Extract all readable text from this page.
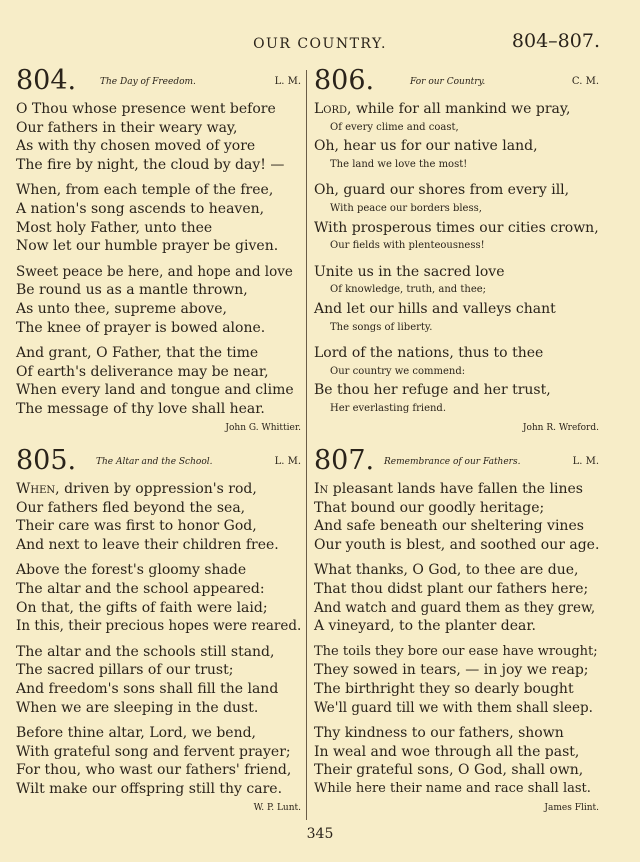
OUR COUNTRY.	804–807.
804.	The Day of Freedom.	L. M.
O Thou whose presence went before
Our fathers in their weary way,
As with thy chosen moved of yore
The fire by night, the cloud by day! —
When, from each temple of the free,
A nation's song ascends to heaven,
Most holy Father, unto thee
Now let our humble prayer be given.
Sweet peace be here, and hope and love
Be round us as a mantle thrown,
As unto thee, supreme above,
The knee of prayer is bowed alone.
And grant, O Father, that the time
Of earth's deliverance may be near,
When every land and tongue and clime
The message of thy love shall hear.
John G. Whittier.
805. The Altar and the School.	L. M.
When, driven by oppression's rod,
Our fathers fled beyond the sea,
Their care was first to honor God,
And next to leave their children free.
Above the forest's gloomy shade
The altar and the school appeared:
On that, the gifts of faith were laid;
In this, their precious hopes were reared.
The altar and the schools still stand,
The sacred pillars of our trust;
And freedom's sons shall fill the land
When we are sleeping in the dust.
Before thine altar, Lord, we bend,
With grateful song and fervent prayer;
For thou, who wast our fathers' friend,
Wilt make our offspring still thy care.
W. P. Lunt.
806.	For our Country.	C. M.
Lord, while for all mankind we pray,
Of every clime and coast,
Oh, hear us for our native land,
The land we love the most!
Oh, guard our shores from every ill,
With peace our borders bless,
With prosperous times our cities crown,
Our fields with plenteousness!
Unite us in the sacred love
Of knowledge, truth, and thee;
And let our hills and valleys chant
The songs of liberty.
Lord of the nations, thus to thee
Our country we commend:
Be thou her refuge and her trust,
Her everlasting friend.
John R. Wreford.
807. Remembrance of our Fathers.	L. M.
In pleasant lands have fallen the lines
That bound our goodly heritage;
And safe beneath our sheltering vines
Our youth is blest, and soothed our age.
What thanks, O God, to thee are due,
That thou didst plant our fathers here;
And watch and guard them as they grew,
A vineyard, to the planter dear.
The toils they bore our ease have wrought;
They sowed in tears, — in joy we reap;
The birthright they so dearly bought
We'll guard till we with them shall sleep.
Thy kindness to our fathers, shown
In weal and woe through all the past,
Their grateful sons, O God, shall own,
While here their name and race shall last.
James Flint.
345
